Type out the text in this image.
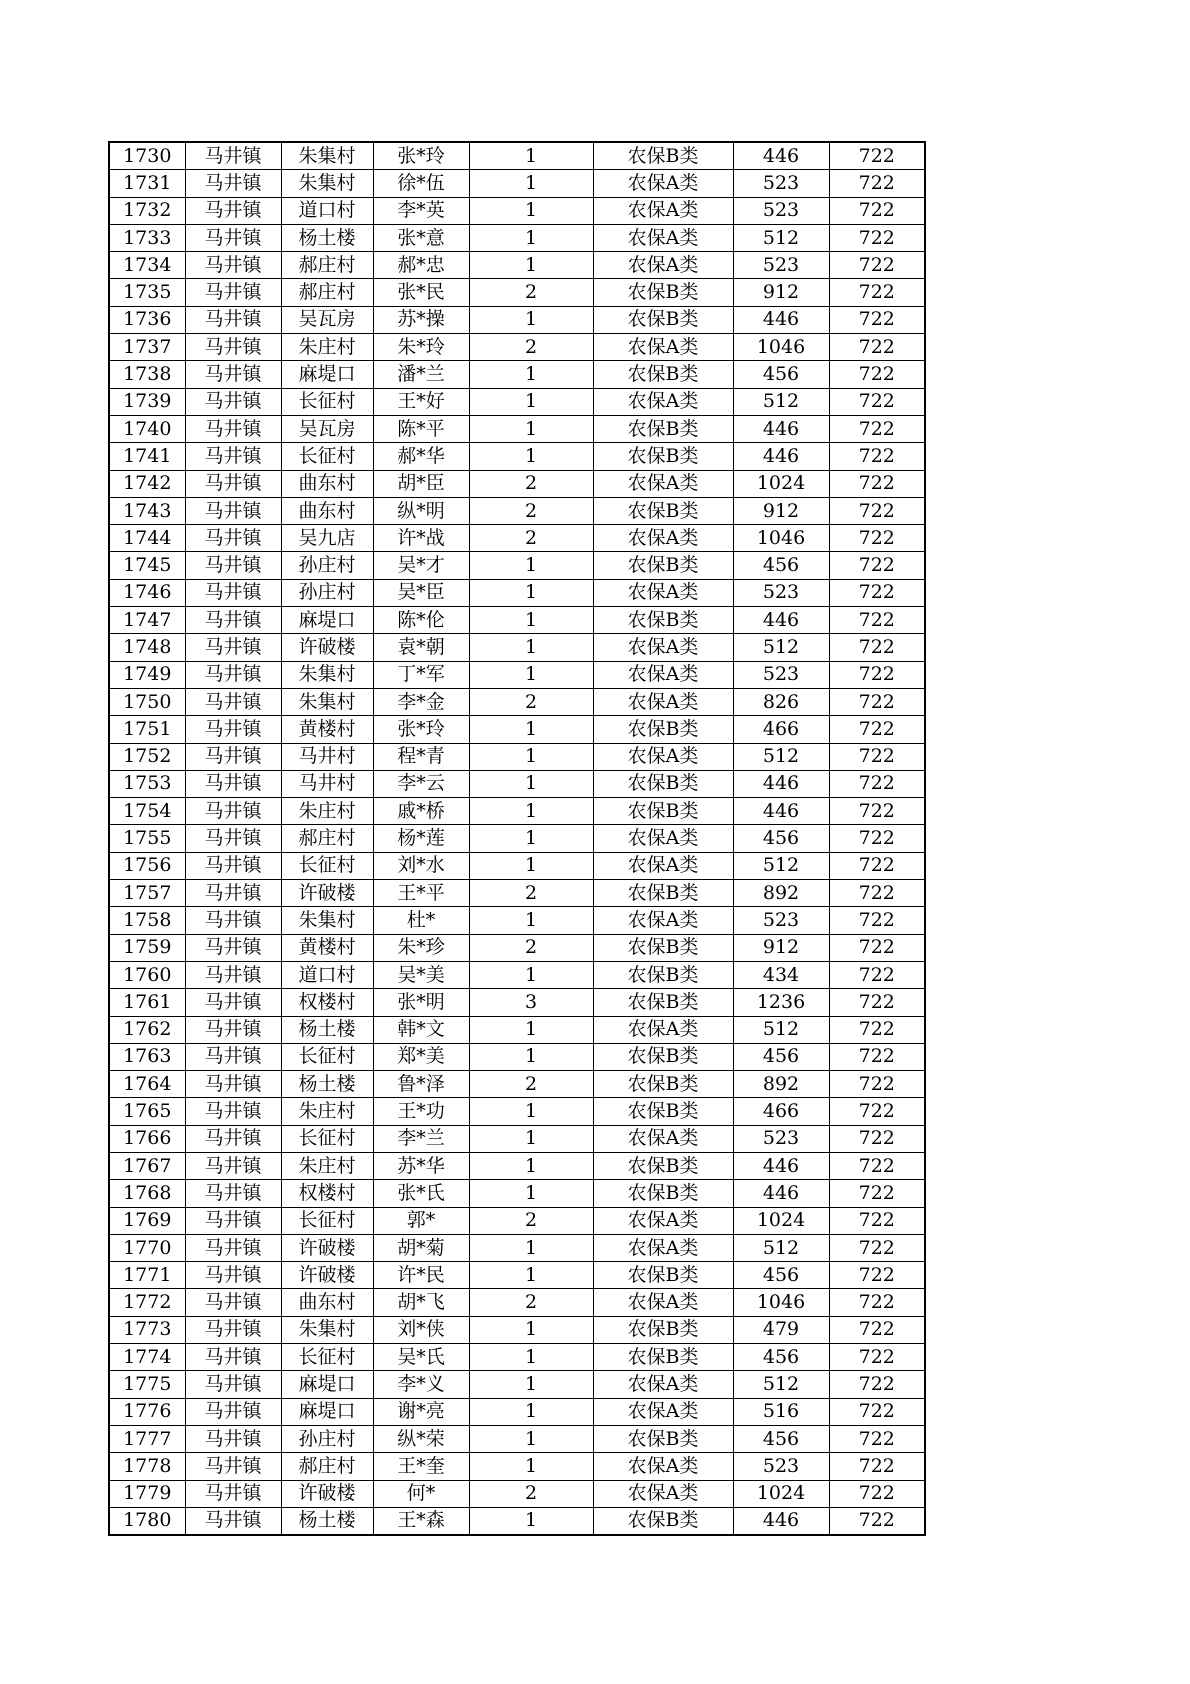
1730	马井镇	朱集村	张*玲	1	农保B类	446	722
1731	马井镇	朱集村	徐*伍	1	农保A类	523	722
1732	马井镇	道口村	李*英	1	农保A类	523	722
1733	马井镇	杨土楼	张*意	1	农保A类	512	722
1734	马井镇	郝庄村	郝*忠	1	农保A类	523	722
1735	马井镇	郝庄村	张*民	2	农保B类	912	722
1736	马井镇	吴瓦房	苏*操	1	农保B类	446	722
1737	马井镇	朱庄村	朱*玲	2	农保A类	1046	722
1738	马井镇	麻堤口	潘*兰	1	农保B类	456	722
1739	马井镇	长征村	王*好	1	农保A类	512	722
1740	马井镇	吴瓦房	陈*平	1	农保B类	446	722
1741	马井镇	长征村	郝*华	1	农保B类	446	722
1742	马井镇	曲东村	胡*臣	2	农保A类	1024	722
1743	马井镇	曲东村	纵*明	2	农保B类	912	722
1744	马井镇	吴九店	许*战	2	农保A类	1046	722
1745	马井镇	孙庄村	吴*才	1	农保B类	456	722
1746	马井镇	孙庄村	吴*臣	1	农保A类	523	722
1747	马井镇	麻堤口	陈*伦	1	农保B类	446	722
1748	马井镇	许破楼	袁*朝	1	农保A类	512	722
1749	马井镇	朱集村	丁*军	1	农保A类	523	722
1750	马井镇	朱集村	李*金	2	农保A类	826	722
1751	马井镇	黄楼村	张*玲	1	农保B类	466	722
1752	马井镇	马井村	程*青	1	农保A类	512	722
1753	马井镇	马井村	李*云	1	农保B类	446	722
1754	马井镇	朱庄村	戚*桥	1	农保B类	446	722
1755	马井镇	郝庄村	杨*莲	1	农保A类	456	722
1756	马井镇	长征村	刘*水	1	农保A类	512	722
1757	马井镇	许破楼	王*平	2	农保B类	892	722
1758	马井镇	朱集村	杜*	1	农保A类	523	722
1759	马井镇	黄楼村	朱*珍	2	农保B类	912	722
1760	马井镇	道口村	吴*美	1	农保B类	434	722
1761	马井镇	权楼村	张*明	3	农保B类	1236	722
1762	马井镇	杨土楼	韩*文	1	农保A类	512	722
1763	马井镇	长征村	郑*美	1	农保B类	456	722
1764	马井镇	杨土楼	鲁*泽	2	农保B类	892	722
1765	马井镇	朱庄村	王*功	1	农保B类	466	722
1766	马井镇	长征村	李*兰	1	农保A类	523	722
1767	马井镇	朱庄村	苏*华	1	农保B类	446	722
1768	马井镇	权楼村	张*氏	1	农保B类	446	722
1769	马井镇	长征村	郭*	2	农保A类	1024	722
1770	马井镇	许破楼	胡*菊	1	农保A类	512	722
1771	马井镇	许破楼	许*民	1	农保B类	456	722
1772	马井镇	曲东村	胡*飞	2	农保A类	1046	722
1773	马井镇	朱集村	刘*侠	1	农保B类	479	722
1774	马井镇	长征村	吴*氏	1	农保B类	456	722
1775	马井镇	麻堤口	李*义	1	农保A类	512	722
1776	马井镇	麻堤口	谢*亮	1	农保A类	516	722
1777	马井镇	孙庄村	纵*荣	1	农保B类	456	722
1778	马井镇	郝庄村	王*奎	1	农保A类	523	722
1779	马井镇	许破楼	何*	2	农保A类	1024	722
1780	马井镇	杨土楼	王*森	1	农保B类	446	722
